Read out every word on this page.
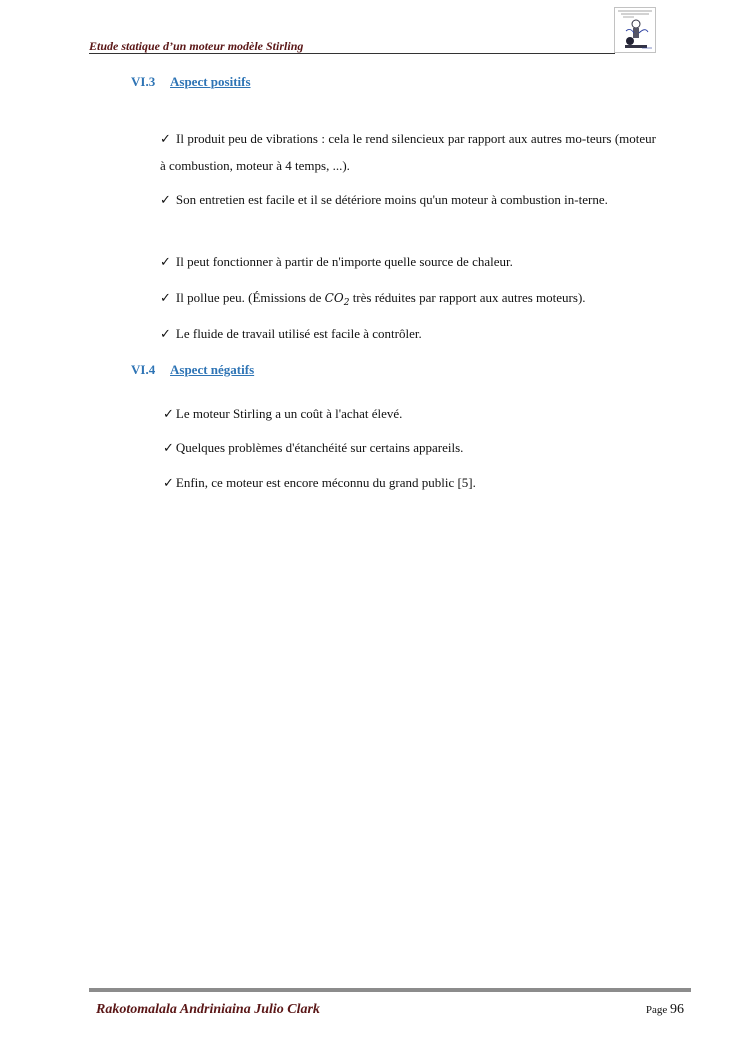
Etude statique d’un moteur modèle Stirling
VI.3 Aspect positifs
✓ Il produit peu de vibrations : cela le rend silencieux par rapport aux autres mo-teurs (moteur à combustion, moteur à 4 temps, ...).
✓ Son entretien est facile et il se détériore moins qu'un moteur à combustion in-terne.
✓ Il peut fonctionner à partir de n'importe quelle source de chaleur.
✓ Il pollue peu. (Émissions de $CO_2$ très réduites par rapport aux autres moteurs).
✓ Le fluide de travail utilisé est facile à contrôler.
VI.4 Aspect négatifs
✓ Le moteur Stirling a un coût à l'achat élevé.
✓ Quelques problèmes d'étanchéité sur certains appareils.
✓ Enfin, ce moteur est encore méconnu du grand public [5].
Rakotomalala Andriniaina Julio Clark	Page 96
